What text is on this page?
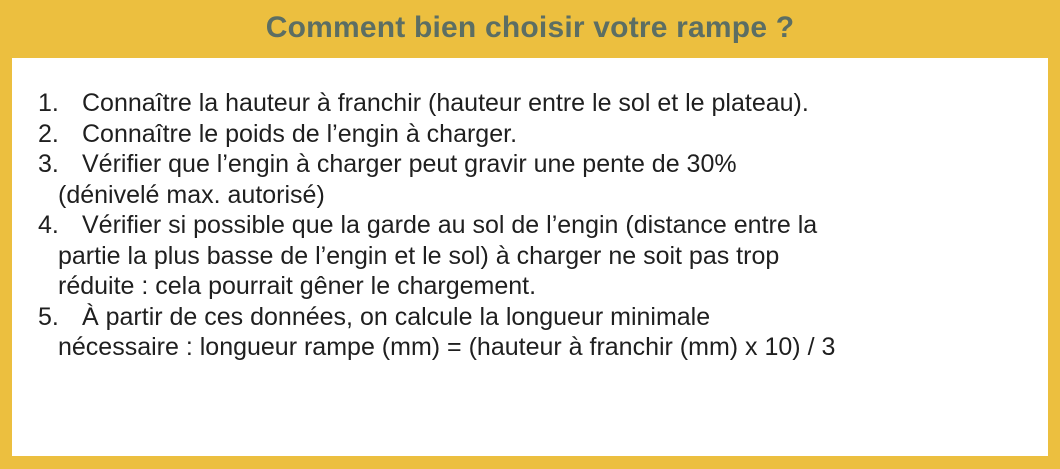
Comment bien choisir votre rampe ?
1. Connaître la hauteur à franchir (hauteur entre le sol et le plateau).
2. Connaître le poids de l’engin à charger.
3. Vérifier que l’engin à charger peut gravir une pente de 30%
(dénivelé max. autorisé)
4. Vérifier si possible que la garde au sol de l’engin (distance entre la
partie la plus basse de l’engin et le sol) à charger ne soit pas trop
réduite : cela pourrait gêner le chargement.
5. À partir de ces données, on calcule la longueur minimale
nécessaire : longueur rampe (mm) = (hauteur à franchir (mm) x 10) / 3
